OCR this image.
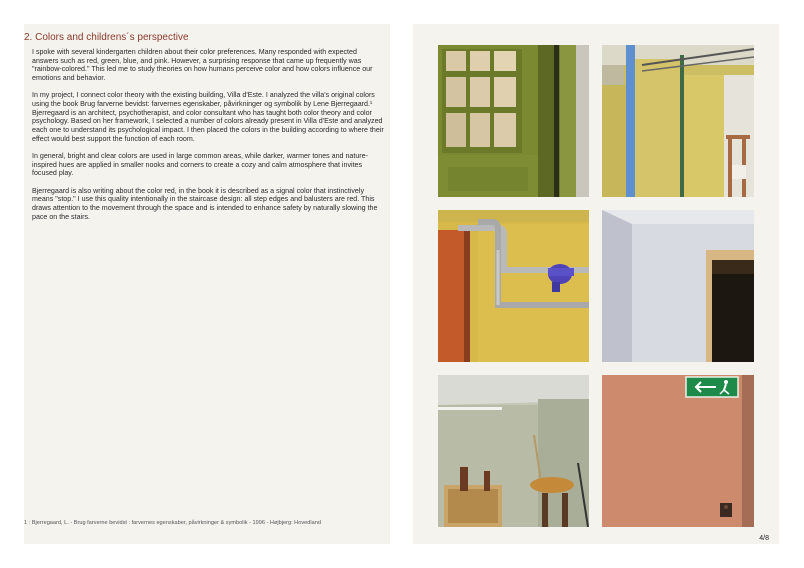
2. Colors and childrens´s perspective

I spoke with several kindergarten children about their color preferences. Many responded with expected answers such as red, green, blue, and pink. However, a surprising response that came up frequently was "rainbow-colored." This led me to study theories on how humans perceive color and how colors influence our emotions and behavior.

In my project, I connect color theory with the existing building, Villa d'Este. I analyzed the villa's original colors using the book Brug farverne bevidst: farvernes egenskaber, påvirkninger og symbolik by Lene Bjerregaard.¹ Bjerregaard is an architect, psychotherapist, and color consultant who has taught both color theory and color psychology. Based on her framework, I selected a number of colors already present in Villa d'Este and analyzed each one to understand its psychological impact. I then placed the colors in the building according to where their effect would best support the function of each room.

In general, bright and clear colors are used in large common areas, while darker, warmer tones and nature-inspired hues are applied in smaller nooks and corners to create a cozy and calm atmosphere that invites focused play.

Bjerregaard is also writing about the color red, in the book it is described as a signal color that instinctively means "stop." I use this quality intentionally in the staircase design: all step edges and balusters are red. This draws attention to the movement through the space and is intended to enhance safety by naturally slowing the pace on the stairs.

1 : Bjerregaard, L. - Brug farverne bevidst : farvernes egenskaber, påvirkninger & symbolik - 1996 - Højbjerg: Hovedland
4/8
